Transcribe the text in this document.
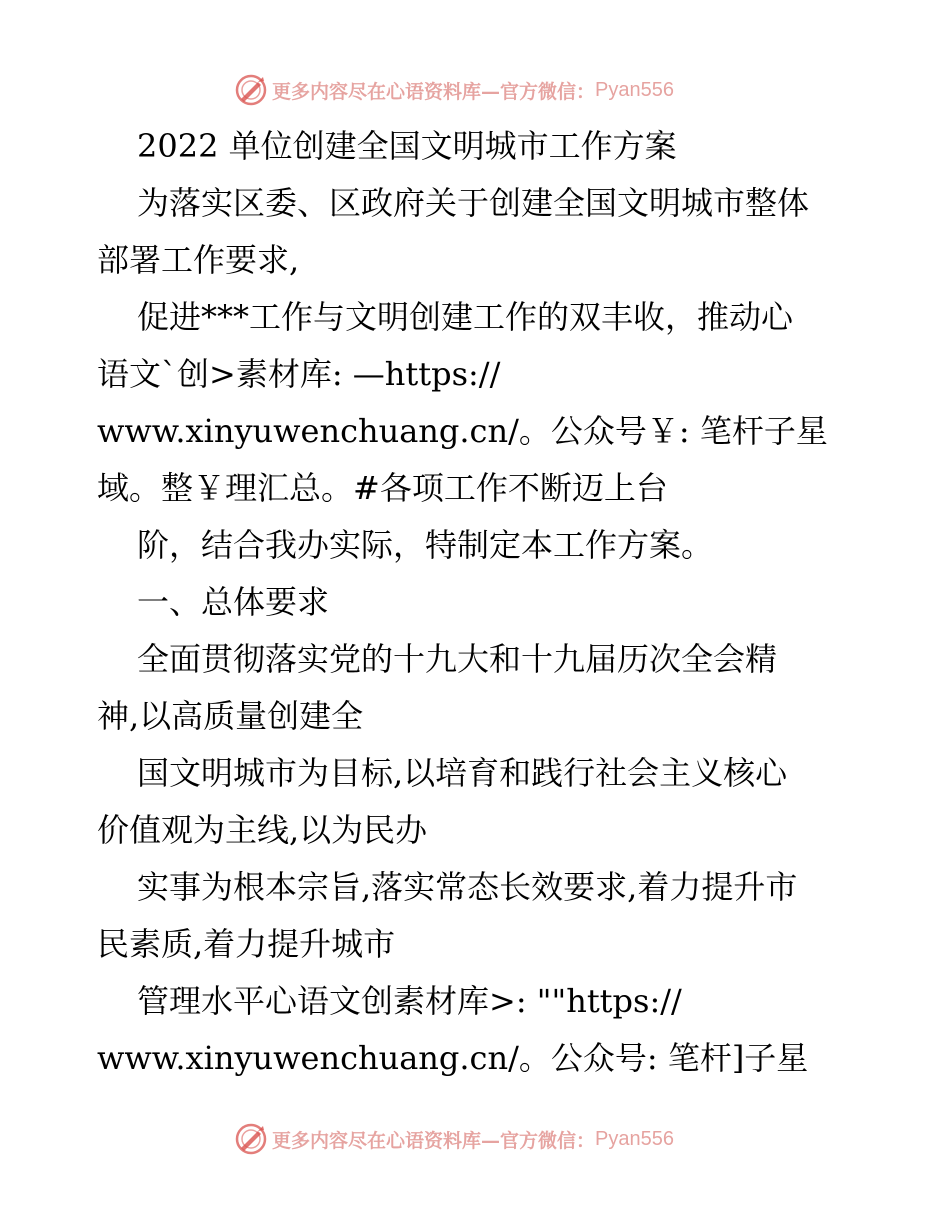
更多内容尽在心语资料库—官方微信： Pyan556
2022 单位创建全国文明城市工作方案
为落实区委、区政府关于创建全国文明城市整体
部署工作要求,
促进***工作与文明创建工作的双丰收，推动心
语文`创>素材库: —https://
www.xinyuwenchuang.cn/。公众号￥: 笔杆子星
域。整￥理汇总。#各项工作不断迈上台
阶，结合我办实际，特制定本工作方案。
一、总体要求
全面贯彻落实党的十九大和十九届历次全会精
神,以高质量创建全
国文明城市为目标,以培育和践行社会主义核心
价值观为主线,以为民办
实事为根本宗旨,落实常态长效要求,着力提升市
民素质,着力提升城市
管理水平心语文创素材库>: ""https://
www.xinyuwenchuang.cn/。公众号: 笔杆]子星
更多内容尽在心语资料库—官方微信： Pyan556
